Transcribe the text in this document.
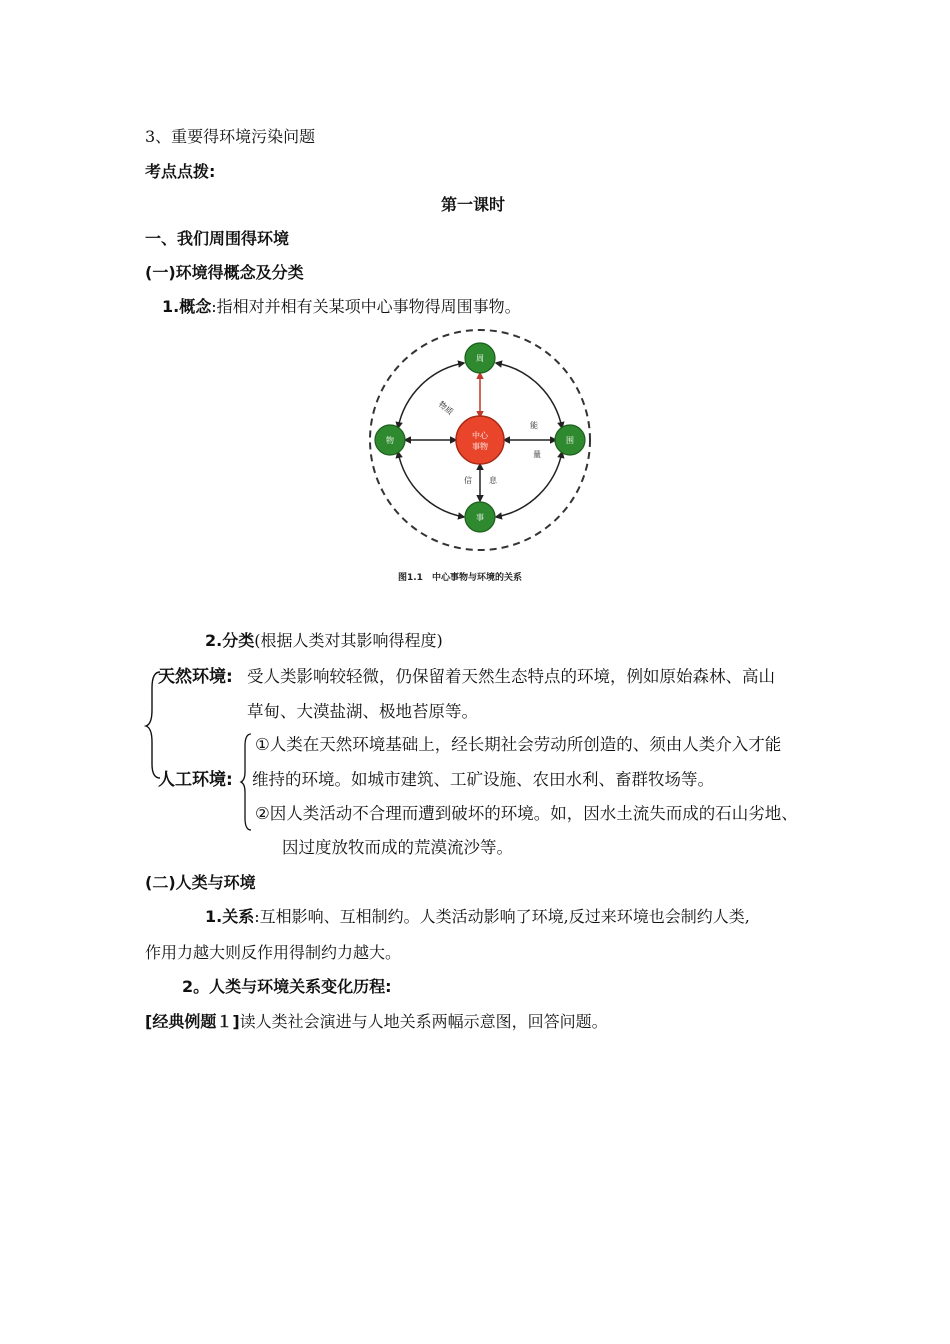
3、重要得环境污染问题
考点点拨:
第一课时
一、我们周围得环境
(一)环境得概念及分类
1.概念:指相对并相有关某项中心事物得周围事物。
中心
事物
周
物	围
事
物质
能
量
信 息
图1.1　中心事物与环境的关系
2.分类(根据人类对其影响得程度)
天然环境: 受人类影响较轻微，仍保留着天然生态特点的环境，例如原始森林、高山
草甸、大漠盐湖、极地苔原等。
①人类在天然环境基础上，经长期社会劳动所创造的、须由人类介入才能
人工环境: 维持的环境。如城市建筑、工矿设施、农田水利、畜群牧场等。
②因人类活动不合理而遭到破坏的环境。如，因水土流失而成的石山劣地、
因过度放牧而成的荒漠流沙等。
(二)人类与环境
1.关系:互相影响、互相制约。人类活动影响了环境,反过来环境也会制约人类,
作用力越大则反作用得制约力越大。
2。人类与环境关系变化历程:
[经典例题１]读人类社会演进与人地关系两幅示意图，回答问题。
